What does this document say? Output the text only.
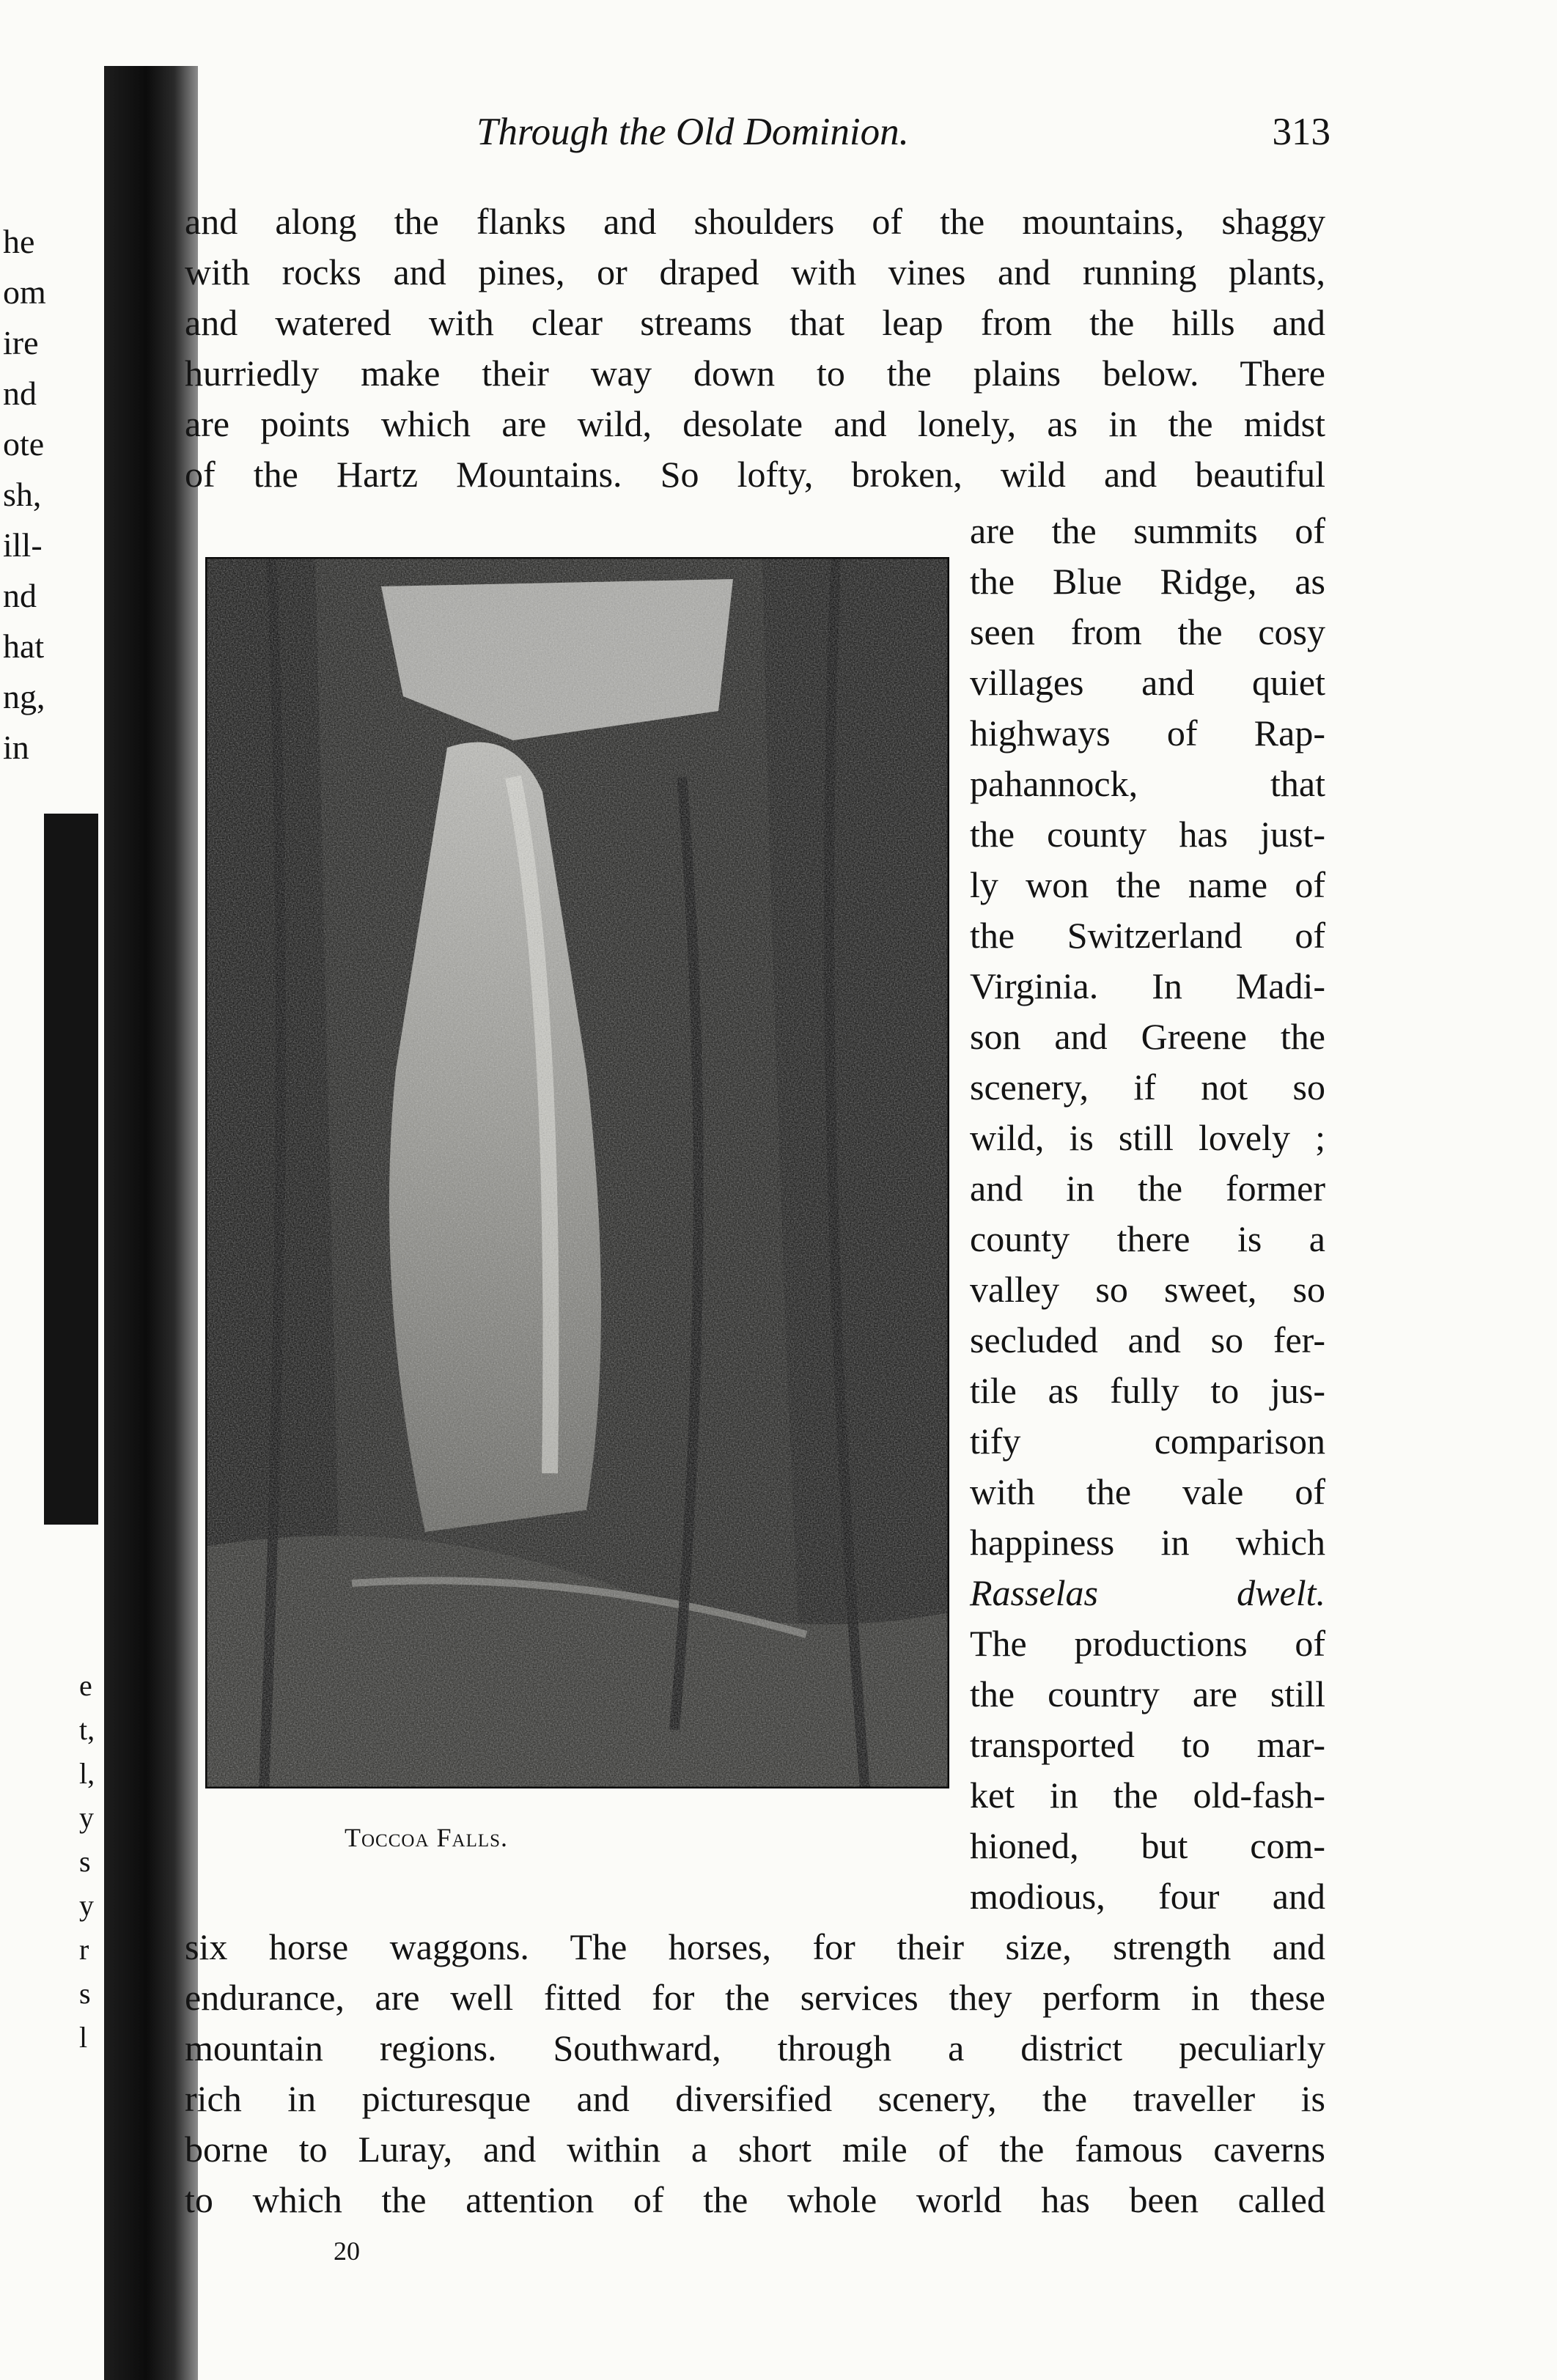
he
om
ire
nd
ote
sh,
ill-
nd
hat
ng,
in
e
t,
l,
y
s
y
r
s
l
Through the Old Dominion.	313
and along the flanks and shoulders of the mountains, shaggy
with rocks and pines, or draped with vines and running plants,
and watered with clear streams that leap from the hills and
hurriedly make their way down to the plains below. There
are points which are wild, desolate and lonely, as in the midst
of the Hartz Mountains. So lofty, broken, wild and beautiful
are the summits of
the Blue Ridge, as
seen from the cosy
villages and quiet
highways of Rap-
pahannock, that
the county has just-
ly won the name of
the Switzerland of
Virginia. In Madi-
son and Greene the
scenery, if not so
wild, is still lovely ;
and in the former
county there is a
valley so sweet, so
secluded and so fer-
tile as fully to jus-
tify comparison
with the vale of
happiness in which
Rasselas dwelt.
The productions of
the country are still
transported to mar-
ket in the old-fash-
hioned, but com-
modious, four and
Toccoa Falls.
six horse waggons. The horses, for their size, strength and
endurance, are well fitted for the services they perform in these
mountain regions. Southward, through a district peculiarly
rich in picturesque and diversified scenery, the traveller is
borne to Luray, and within a short mile of the famous caverns
to which the attention of the whole world has been called
20
